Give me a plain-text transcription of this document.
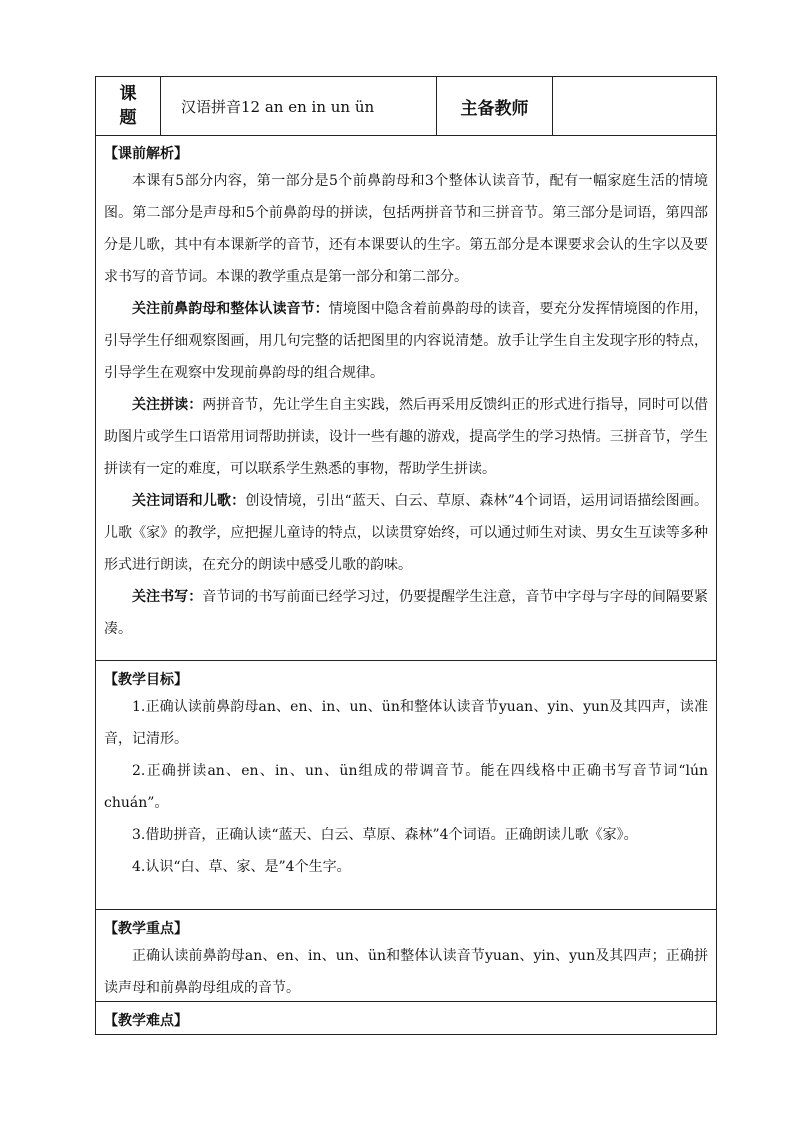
课
题
	汉语拼音12 an en in un ün	主备教师	
【课前解析】

本课有5部分内容，第一部分是5个前鼻韵母和3个整体认读音节，配有一幅家庭生活的情境图。第二部分是声母和5个前鼻韵母的拼读，包括两拼音节和三拼音节。第三部分是词语，第四部分是儿歌，其中有本课新学的音节，还有本课要认的生字。第五部分是本课要求会认的生字以及要求书写的音节词。本课的教学重点是第一部分和第二部分。

关注前鼻韵母和整体认读音节：情境图中隐含着前鼻韵母的读音，要充分发挥情境图的作用，引导学生仔细观察图画，用几句完整的话把图里的内容说清楚。放手让学生自主发现字形的特点，引导学生在观察中发现前鼻韵母的组合规律。

关注拼读：两拼音节，先让学生自主实践，然后再采用反馈纠正的形式进行指导，同时可以借助图片或学生口语常用词帮助拼读，设计一些有趣的游戏，提高学生的学习热情。三拼音节，学生拼读有一定的难度，可以联系学生熟悉的事物，帮助学生拼读。

关注词语和儿歌：创设情境，引出“蓝天、白云、草原、森林”4个词语，运用词语描绘图画。儿歌《家》的教学，应把握儿童诗的特点，以读贯穿始终，可以通过师生对读、男女生互读等多种形式进行朗读，在充分的朗读中感受儿歌的韵味。

关注书写：音节词的书写前面已经学习过，仍要提醒学生注意，音节中字母与字母的间隔要紧凑。

【教学目标】

1.正确认读前鼻韵母an、en、in、un、ün和整体认读音节yuan、yin、yun及其四声，读准音，记清形。

2.正确拼读an、en、in、un、ün组成的带调音节。能在四线格中正确书写音节词“lún chuán”。

3.借助拼音，正确认读“蓝天、白云、草原、森林”4个词语。正确朗读儿歌《家》。

4.认识“白、草、家、是”4个生字。

【教学重点】

正确认读前鼻韵母an、en、in、un、ün和整体认读音节yuan、yin、yun及其四声；正确拼读声母和前鼻韵母组成的音节。

【教学难点】
